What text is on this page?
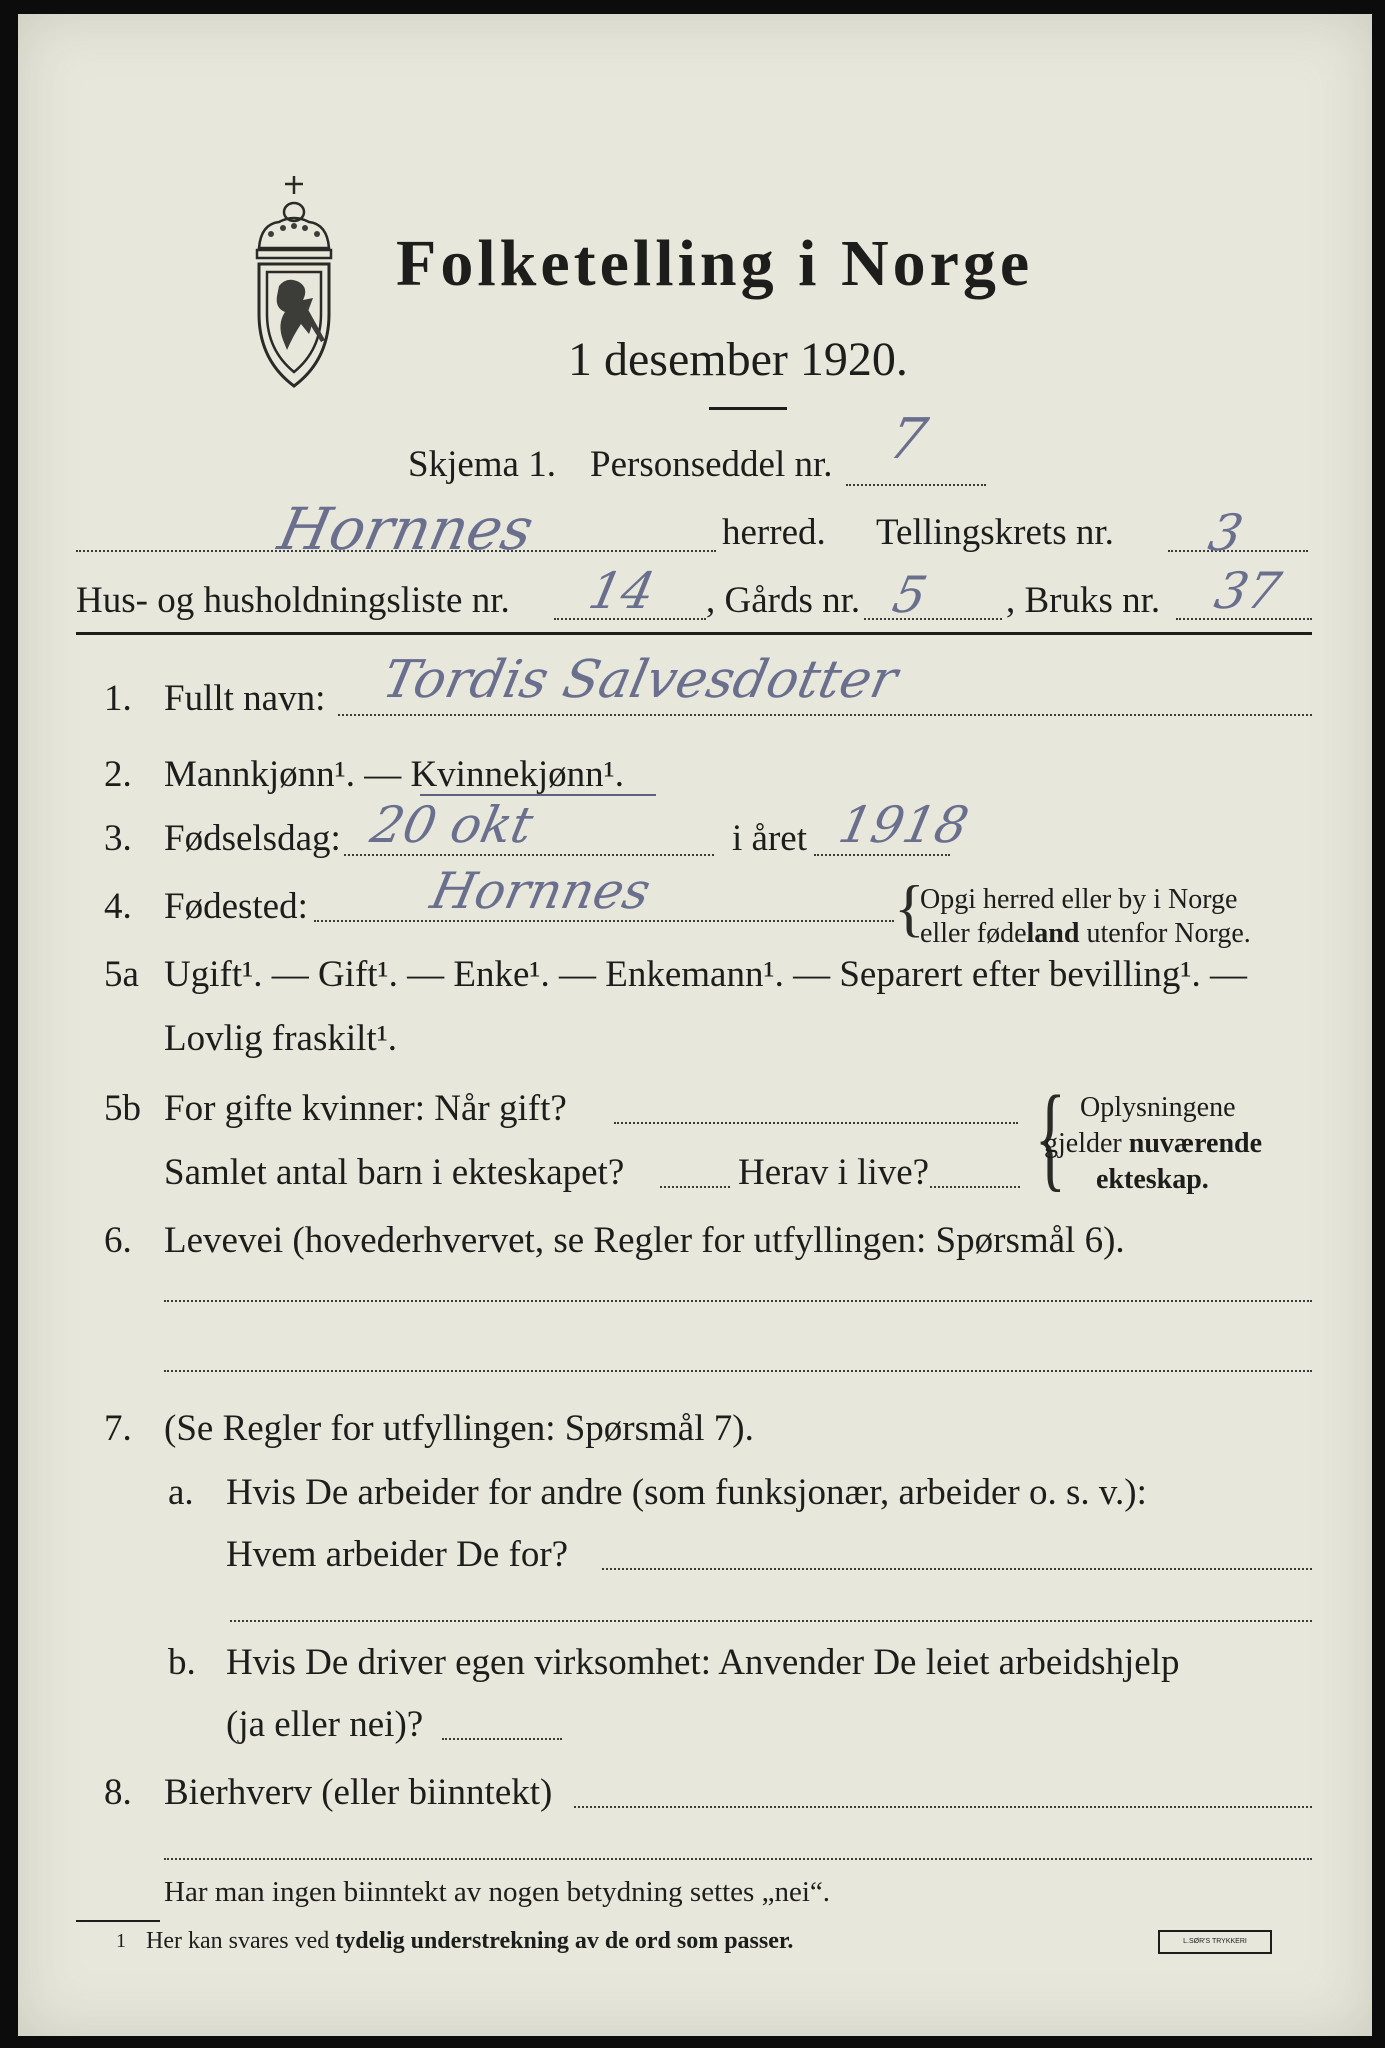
Folketelling i Norge
1 desember 1920.
Skjema 1. Personseddel nr. 7
Hornnes	herred. Tellingskrets nr. 3
Hus- og husholdningsliste nr. 14 , Gårds nr. 5 , Bruks nr. 37
1. Fullt navn: Tordis Salvesdotter
2. Mannkjønn¹. — Kvinnekjønn¹.
3. Fødselsdag: 20 okt	i året 1918
4. Fødested: Hornnes	{
Opgi herred eller by i Norge
eller fødeland utenfor Norge.
5a Ugift¹. — Gift¹. — Enke¹. — Enkemann¹. — Separert efter bevilling¹. —
Lovlig fraskilt¹.
5b For gifte kvinner: Når gift?
Samlet antal barn i ekteskapet?	Herav i live? { Oplysningene
gjelder nuværende
ekteskap.
6. Levevei (hovederhvervet, se Regler for utfyllingen: Spørsmål 6).
7. (Se Regler for utfyllingen: Spørsmål 7).
a. Hvis De arbeider for andre (som funksjonær, arbeider o. s. v.):
Hvem arbeider De for?
b. Hvis De driver egen virksomhet: Anvender De leiet arbeidshjelp
(ja eller nei)?
8. Bierhverv (eller biinntekt)
Har man ingen biinntekt av nogen betydning settes „nei“.
1 Her kan svares ved tydelig understrekning av de ord som passer.	L.SØR'S TRYKKERI
